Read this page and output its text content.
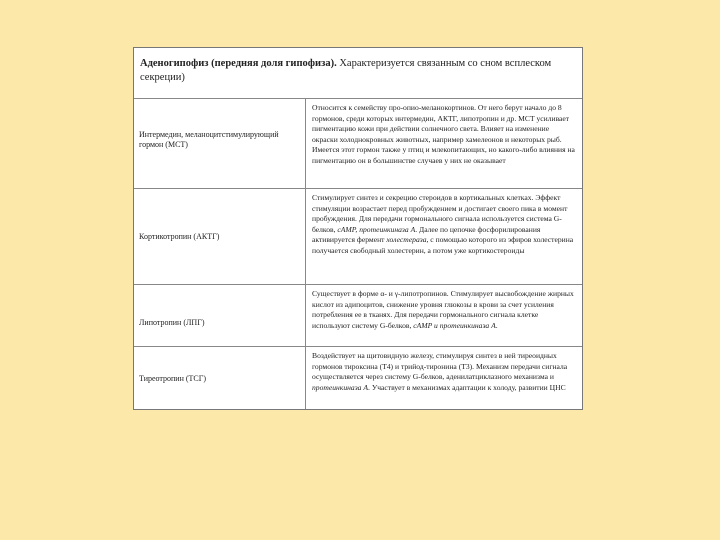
Аденогипофиз (передняя доля гипофиза). Характеризуется связанным со сном всплеском секреции)
Интермедин, меланоцитстимулирующий гормон (МСТ)
Относится к семейству про-опио-меланокортинов. От него берут начало до 8 гормонов, среди которых интермедин, АКТГ, липотропин и др. МСТ усиливает пигментацию кожи при действии солнечного света. Влияет на изменение окраски холоднокровных животных, например хамелеонов и некоторых рыб. Имеется этот гормон также у птиц и млекопитающих, но какого-либо влияния на пигментацию он в большинстве случаев у них не оказывает
Кортикотропин (АКТГ)
Стимулирует синтез и секрецию стероидов в кортикальных клетках. Эффект стимуляции возрастает перед пробуждением и достигает своего пика в момент пробуждения. Для передачи гормонального сигнала используется система G-белков, cAMP, протеинкиназа A. Далее по цепочке фосфорилирования активируется фермент холестераза, с помощью которого из эфиров холестерина получается свободный холестерин, а потом уже кортикостероиды
Липотропин (ЛПГ)
Существует в форме α- и γ-липотропинов. Стимулирует высвобождение жирных кислот из адипоцитов, снижение уровня глюкозы в крови за счет усиления потребления ее в тканях. Для передачи гормонального сигнала клетке используют систему G-белков, cAMP и протеинкиназа A.
Тиреотропин (ТСГ)
Воздействует на щитовидную железу, стимулируя синтез в ней тиреоидных гормонов тироксина (T4) и трийод-тиронина (T3). Механизм передачи сигнала осуществляется через систему G-белков, аденилатциклазного механизма и протеинкиназа A. Участвует в механизмах адаптации к холоду, развитии ЦНС
